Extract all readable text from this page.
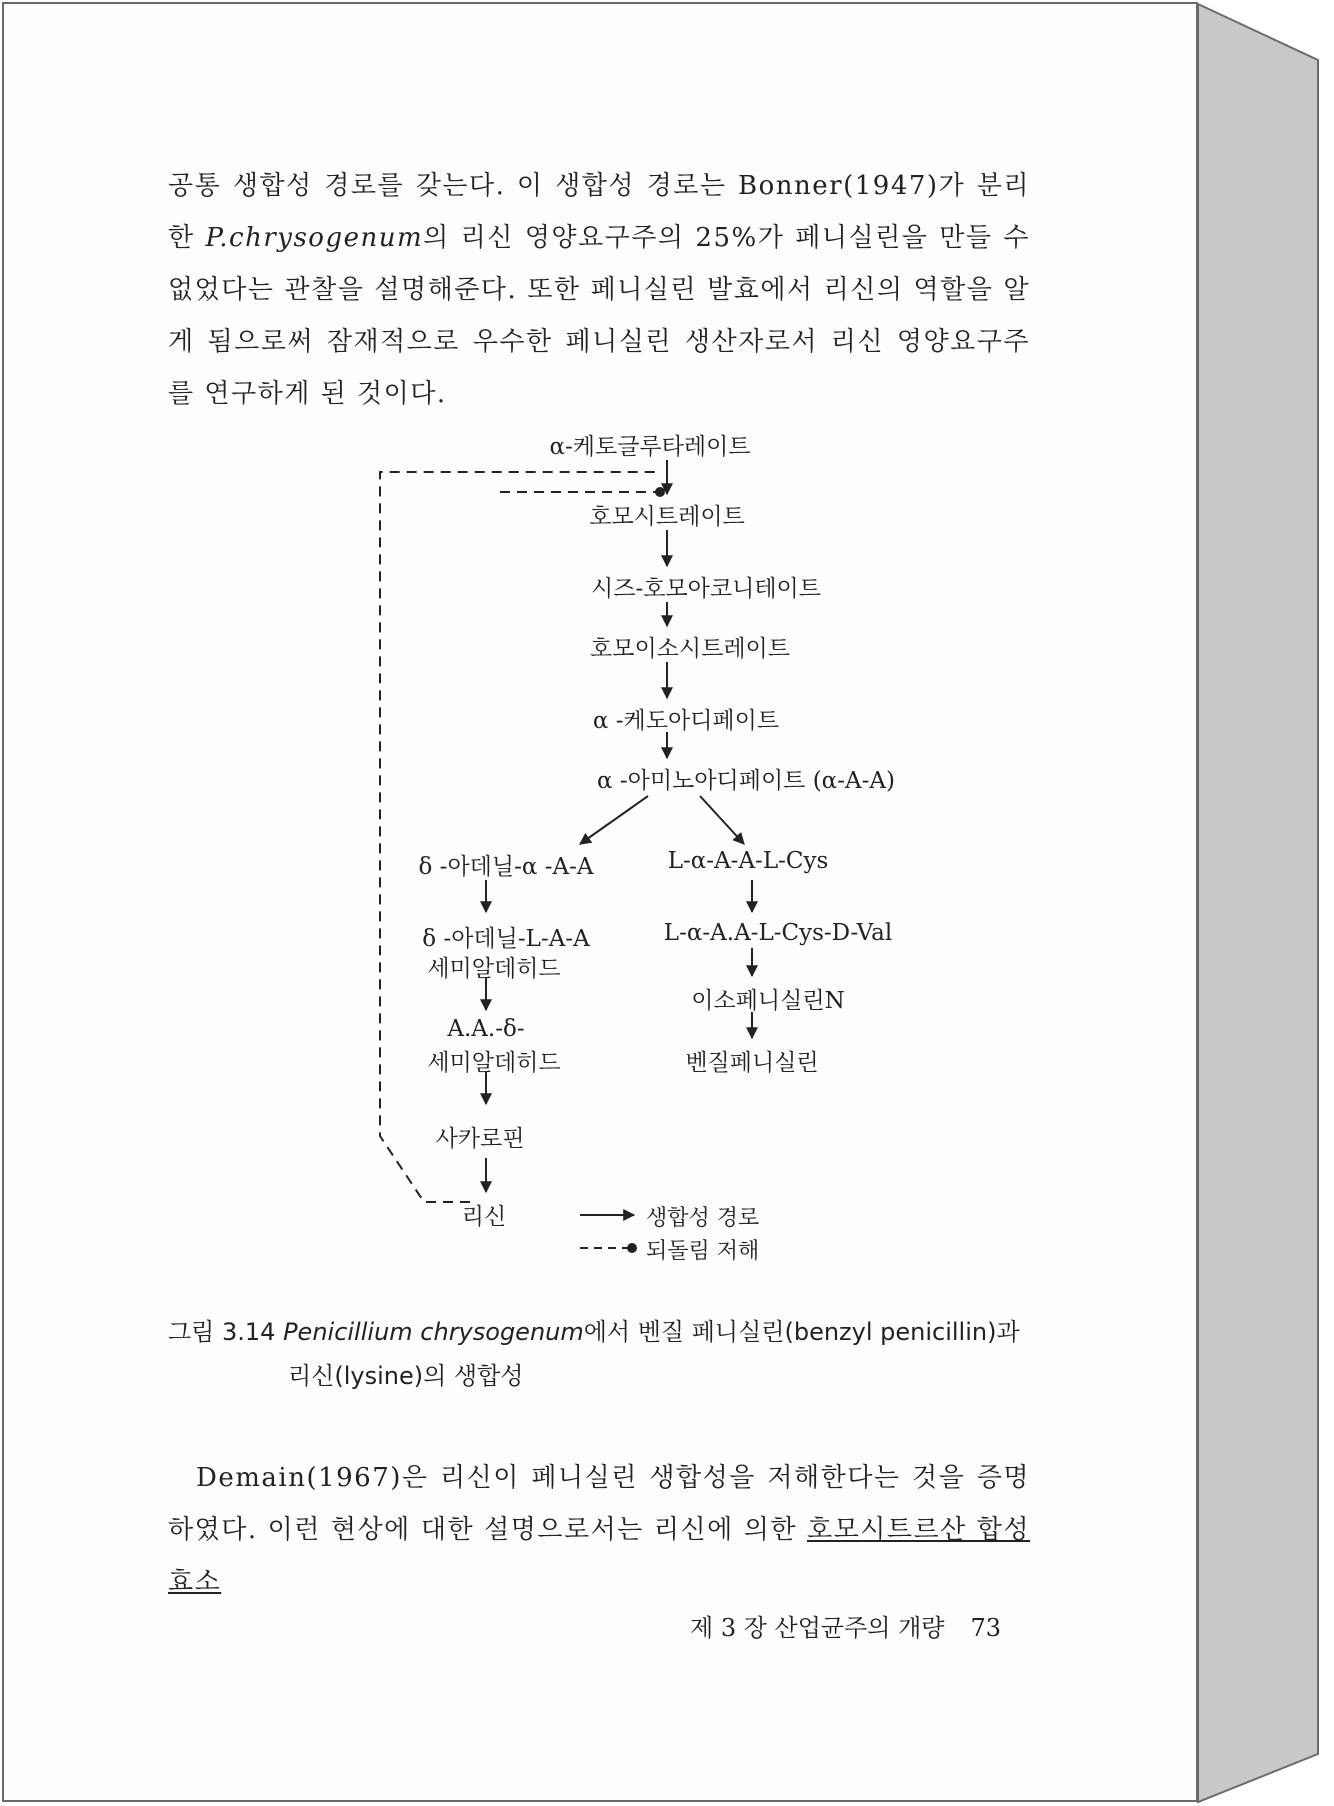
공통 생합성 경로를 갖는다. 이 생합성 경로는 Bonner(1947)가 분리한 P.chrysogenum의 리신 영양요구주의 25%가 페니실린을 만들 수 없었다는 관찰을 설명해준다. 또한 페니실린 발효에서 리신의 역할을 알게 됨으로써 잠재적으로 우수한 페니실린 생산자로서 리신 영양요구주를 연구하게 된 것이다.

α-케토글루타레이트
호모시트레이트
시즈-호모아코니테이트
호모이소시트레이트
α -케도아디페이트
α -아미노아디페이트 (α-A-A)
δ -아데닐-α -A-A	L-α-A-A-L-Cys
δ -아데닐-L-A-A
세미알데히드
L-α-A.A-L-Cys-D-Val
A.A.-δ-
이소페니실린N
세미알데히드	벤질페니실린
사카로핀
리신	생합성 경로
되돌림 저해
그림 3.14 Penicillium chrysogenum에서 벤질 페니실린(benzyl penicillin)과
리신(lysine)의 생합성

Demain(1967)은 리신이 페니실린 생합성을 저해한다는 것을 증명하였다. 이런 현상에 대한 설명으로서는 리신에 의한 호모시트르산 합성효소

제 3 장 산업균주의 개량 73
